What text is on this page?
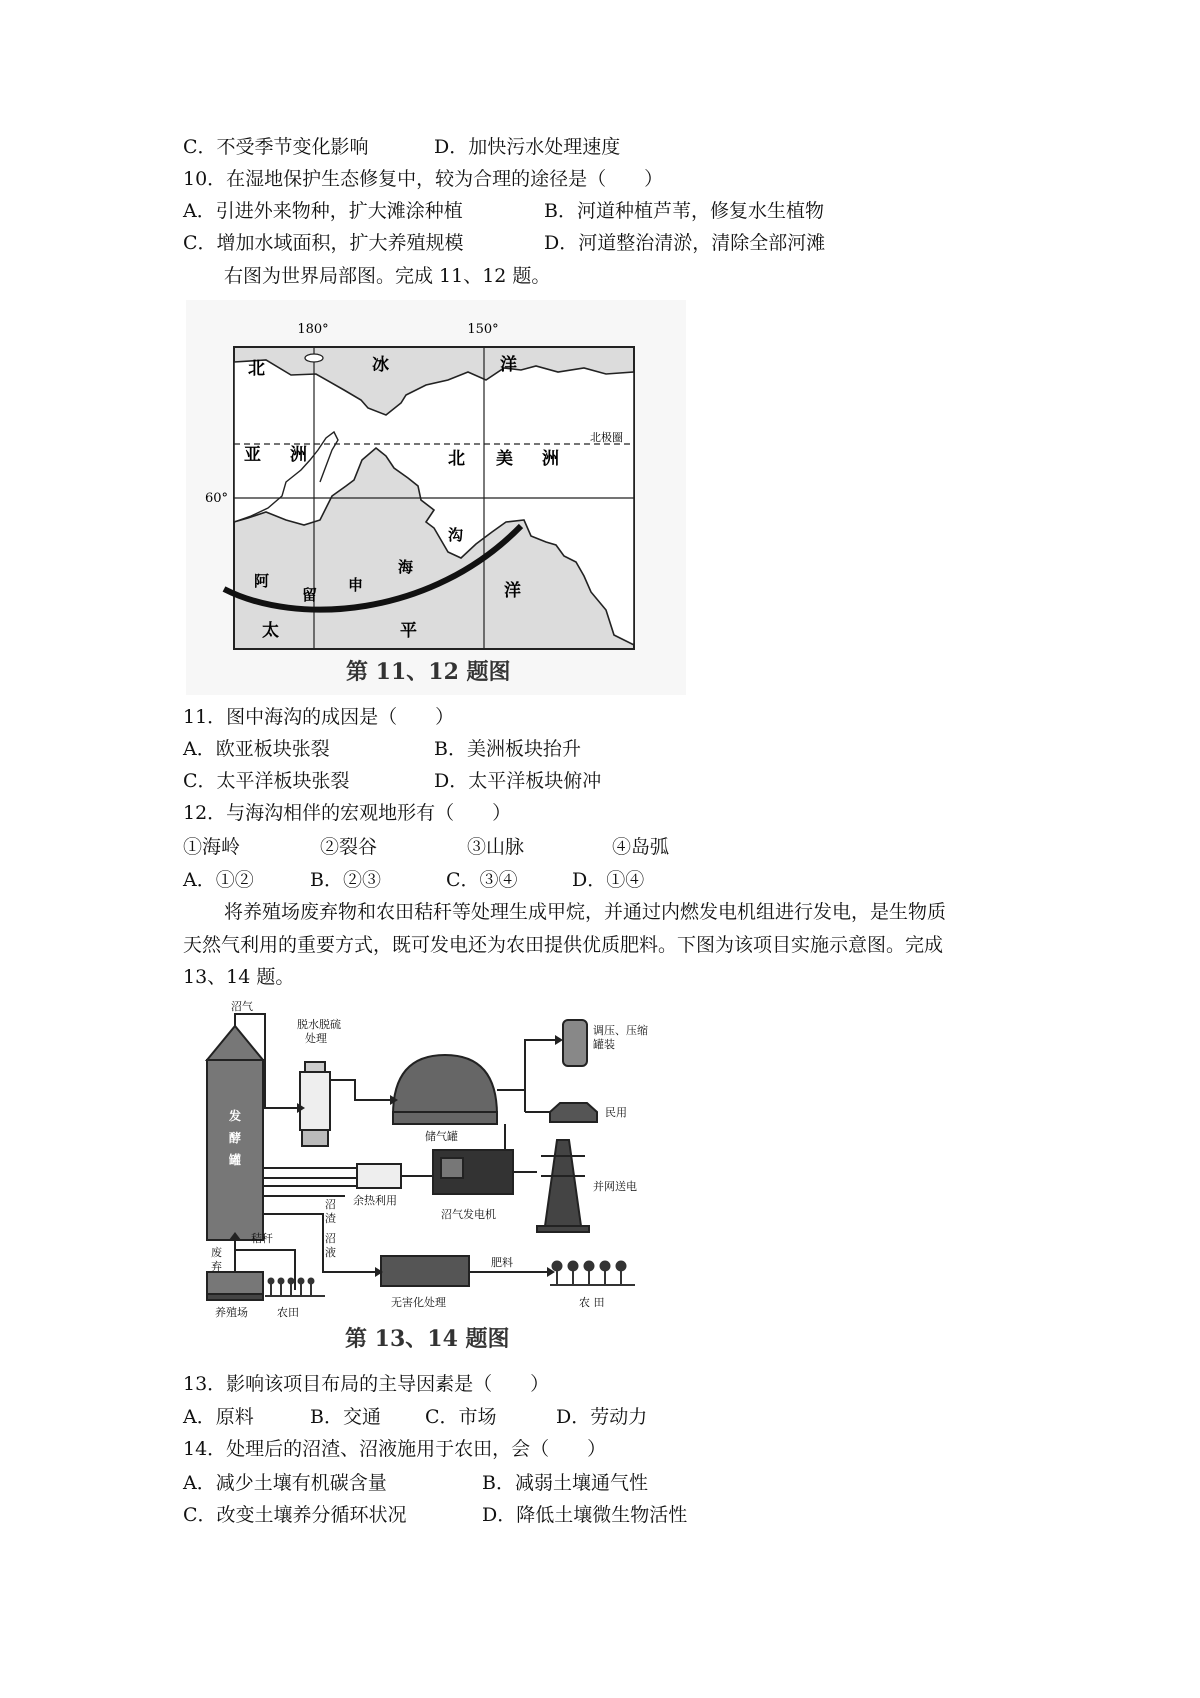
C．不受季节变化影响	D．加快污水处理速度
10．在湿地保护生态修复中，较为合理的途径是（　　）
A．引进外来物种，扩大滩涂种植	B．河道种植芦苇，修复水生植物
C．增加水域面积，扩大养殖规模	D．河道整治清淤，清除全部河滩
右图为世界局部图。完成 11、12 题。
180°	150°
60°
北极圈
北	冰	洋
亚 洲	北 美 洲
阿
留
申
海
沟
太	平
洋
第 11、12 题图
11．图中海沟的成因是（　　）
A．欧亚板块张裂	B．美洲板块抬升
C．太平洋板块张裂	D．太平洋板块俯冲
12．与海沟相伴的宏观地形有（　　）
①海岭	②裂谷	③山脉	④岛弧
A．①②	B．②③	C．③④	D．①④
将养殖场废弃物和农田秸秆等处理生成甲烷，并通过内燃发电机组进行发电，是生物质
天然气利用的重要方式，既可发电还为农田提供优质肥料。下图为该项目实施示意图。完成
13、14 题。
沼气
脱水脱硫
处理
储气罐
调压、压缩
罐装
民用
并网送电
沼气发电机
余热利用
秸秆
养殖场	农田
无害化处理
肥料
农 田
发
酵
罐
沼
渣
沼
液
废
弃
第 13、14 题图
13．影响该项目布局的主导因素是（　　）
A．原料	B．交通 C．市场	D．劳动力
14．处理后的沼渣、沼液施用于农田，会（　　）
A．减少土壤有机碳含量	B．减弱土壤通气性
C．改变土壤养分循环状况	D．降低土壤微生物活性
